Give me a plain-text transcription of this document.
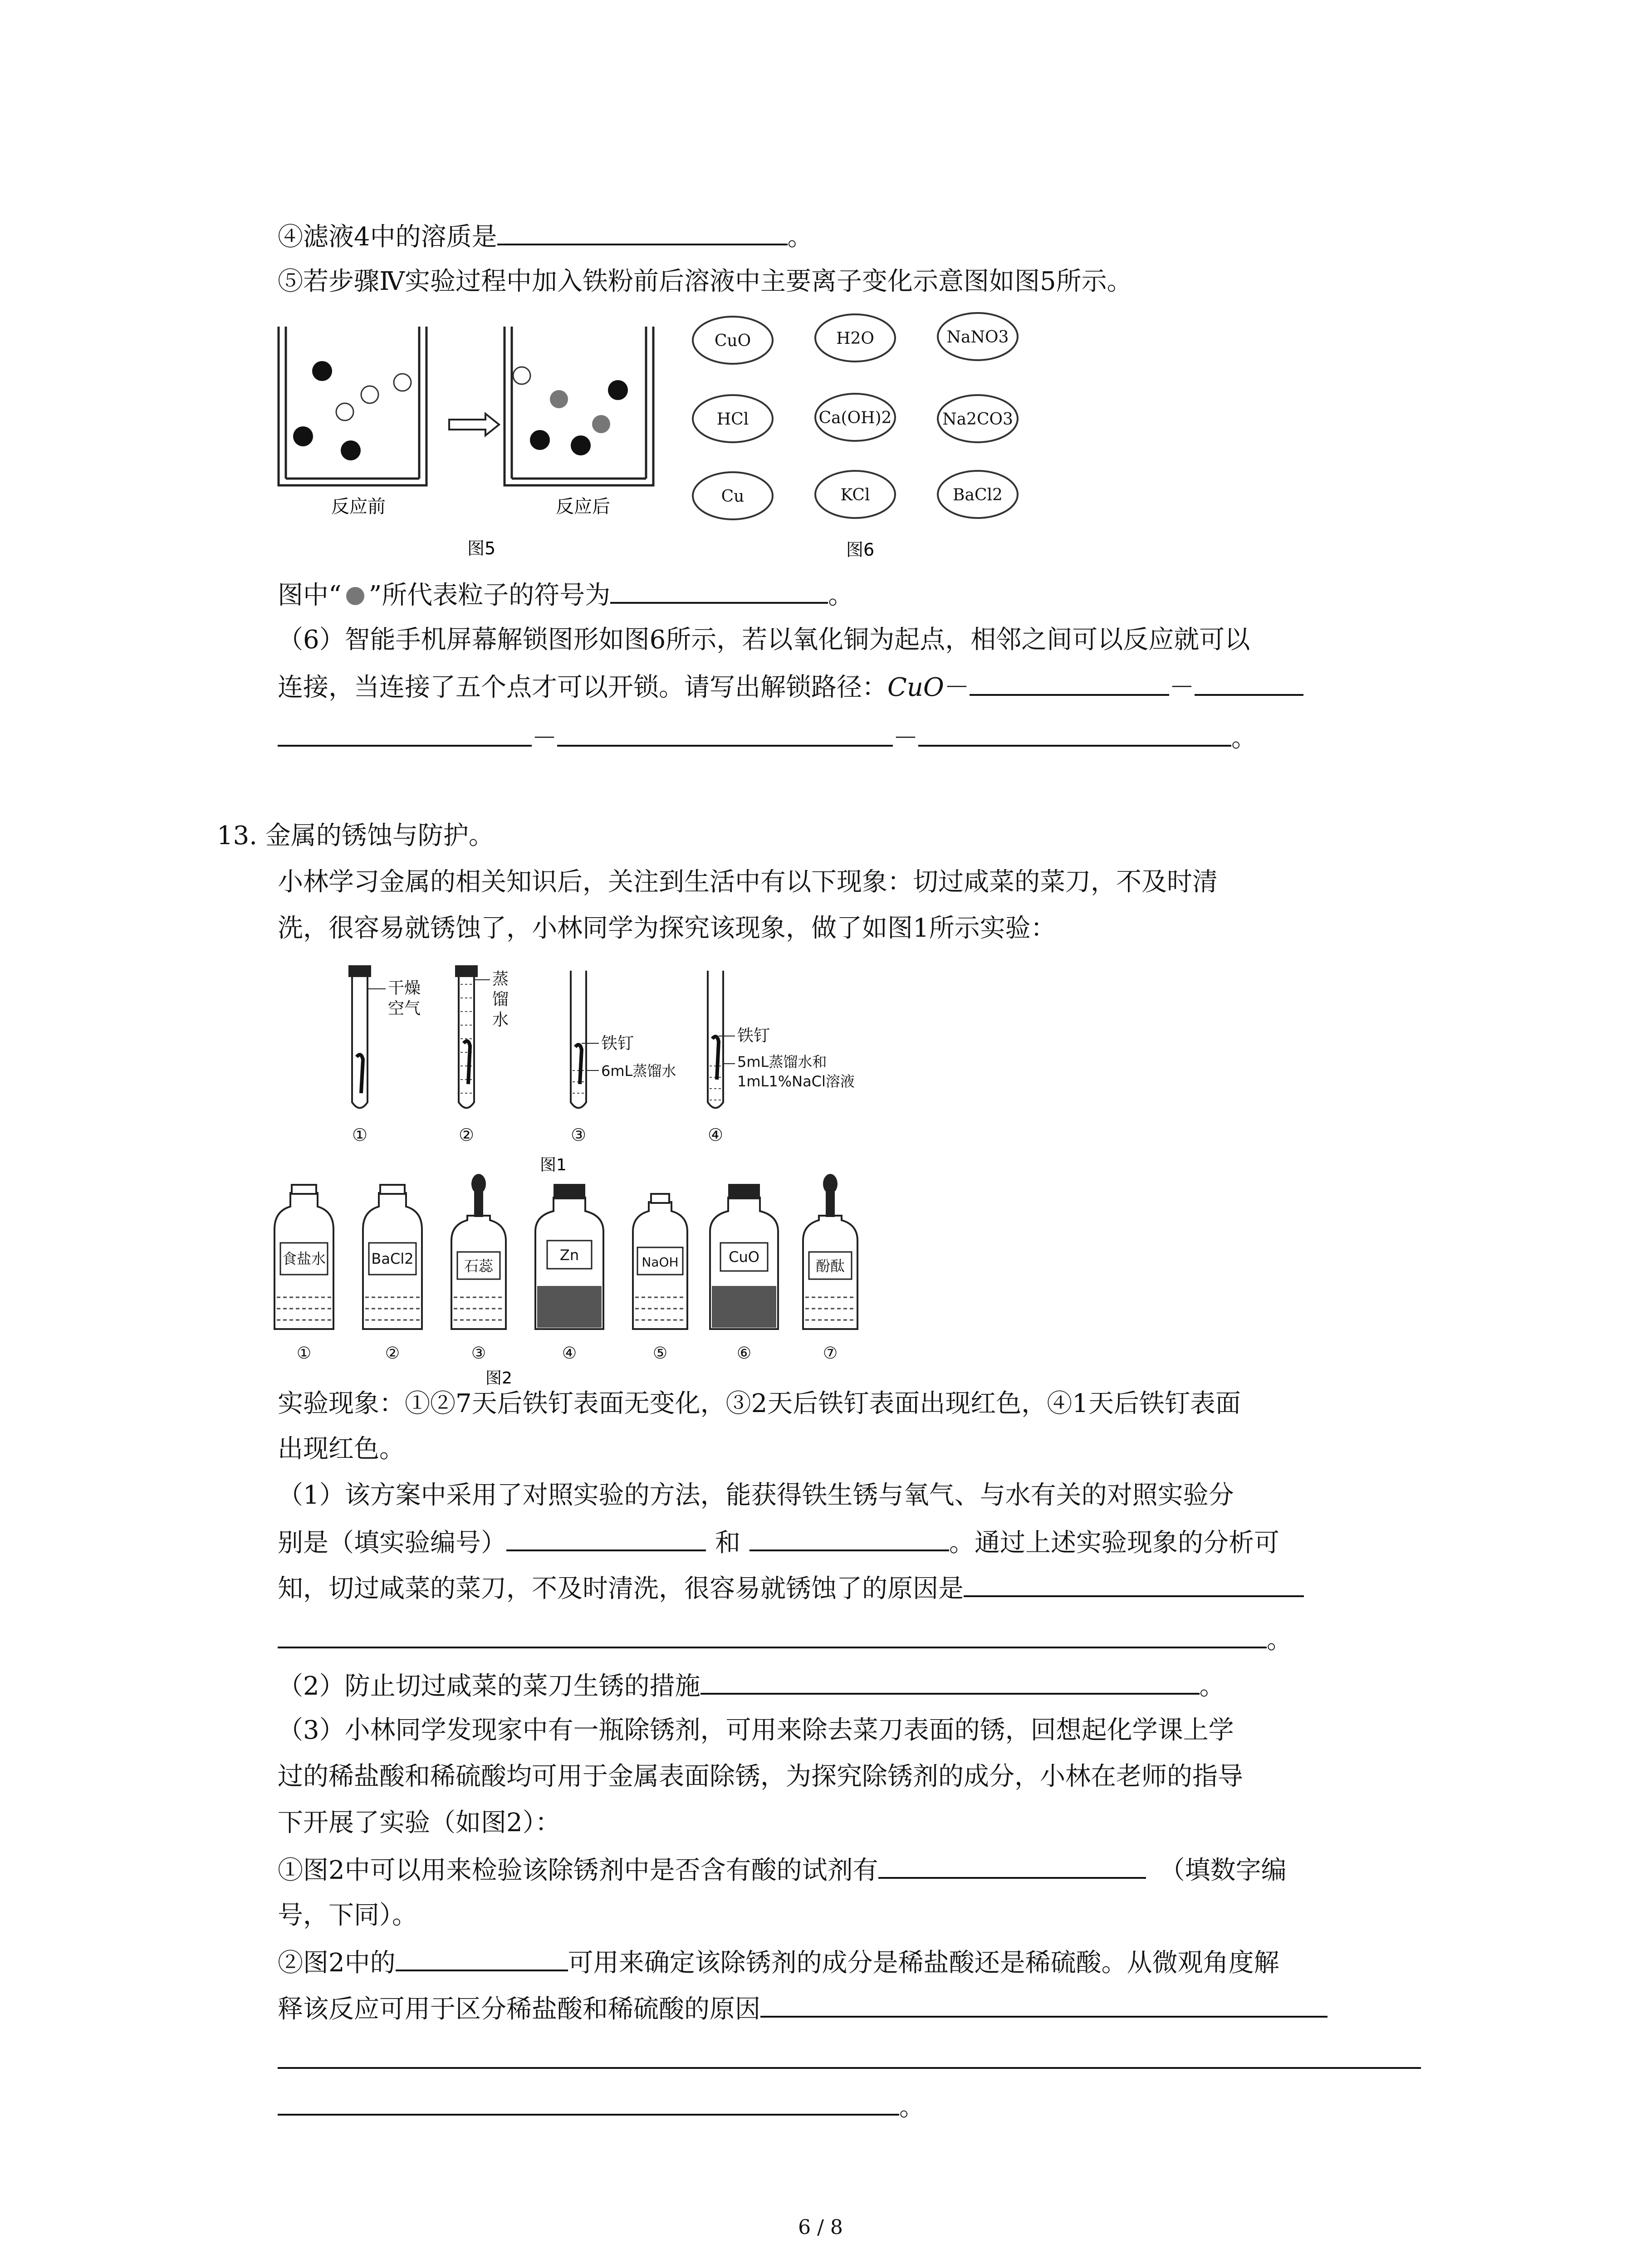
④滤液4中的溶质是	。
⑤若步骤Ⅳ实验过程中加入铁粉前后溶液中主要离子变化示意图如图5所示。
反应前	反应后
图5
CuO	H2O	NaNO3
HCl	Ca(OH)2	Na2CO3
Cu	KCl	BaCl2
图6
图中“ ”所代表粒子的符号为	。
（6）智能手机屏幕解锁图形如图6所示，若以氧化铜为起点，相邻之间可以反应就可以
连接，当连接了五个点才可以开锁。请写出解锁路径：CuO－	－
－	－	。
13. 金属的锈蚀与防护。
小林学习金属的相关知识后，关注到生活中有以下现象：切过咸菜的菜刀，不及时清
洗，很容易就锈蚀了，小林同学为探究该现象，做了如图1所示实验：
干燥
空气
蒸
馏
水
铁钉
6mL蒸馏水
铁钉
5mL蒸馏水和
1mL1%NaCl溶液
①	②	③	④
图1
食盐水	BaCl2	石蕊
Zn	NaOH	CuO
酚酞
①	②	③	④	⑤	⑥	⑦
图2
实验现象：①②7天后铁钉表面无变化，③2天后铁钉表面出现红色，④1天后铁钉表面
出现红色。
（1）该方案中采用了对照实验的方法，能获得铁生锈与氧气、与水有关的对照实验分
别是（填实验编号）	和	。通过上述实验现象的分析可
知，切过咸菜的菜刀，不及时清洗，很容易就锈蚀了的原因是
。
（2）防止切过咸菜的菜刀生锈的措施	。
（3）小林同学发现家中有一瓶除锈剂，可用来除去菜刀表面的锈，回想起化学课上学
过的稀盐酸和稀硫酸均可用于金属表面除锈，为探究除锈剂的成分，小林在老师的指导
下开展了实验（如图2）：
①图2中可以用来检验该除锈剂中是否含有酸的试剂有	（填数字编
号，下同）。
②图2中的	可用来确定该除锈剂的成分是稀盐酸还是稀硫酸。从微观角度解
释该反应可用于区分稀盐酸和稀硫酸的原因
。
6 / 8
